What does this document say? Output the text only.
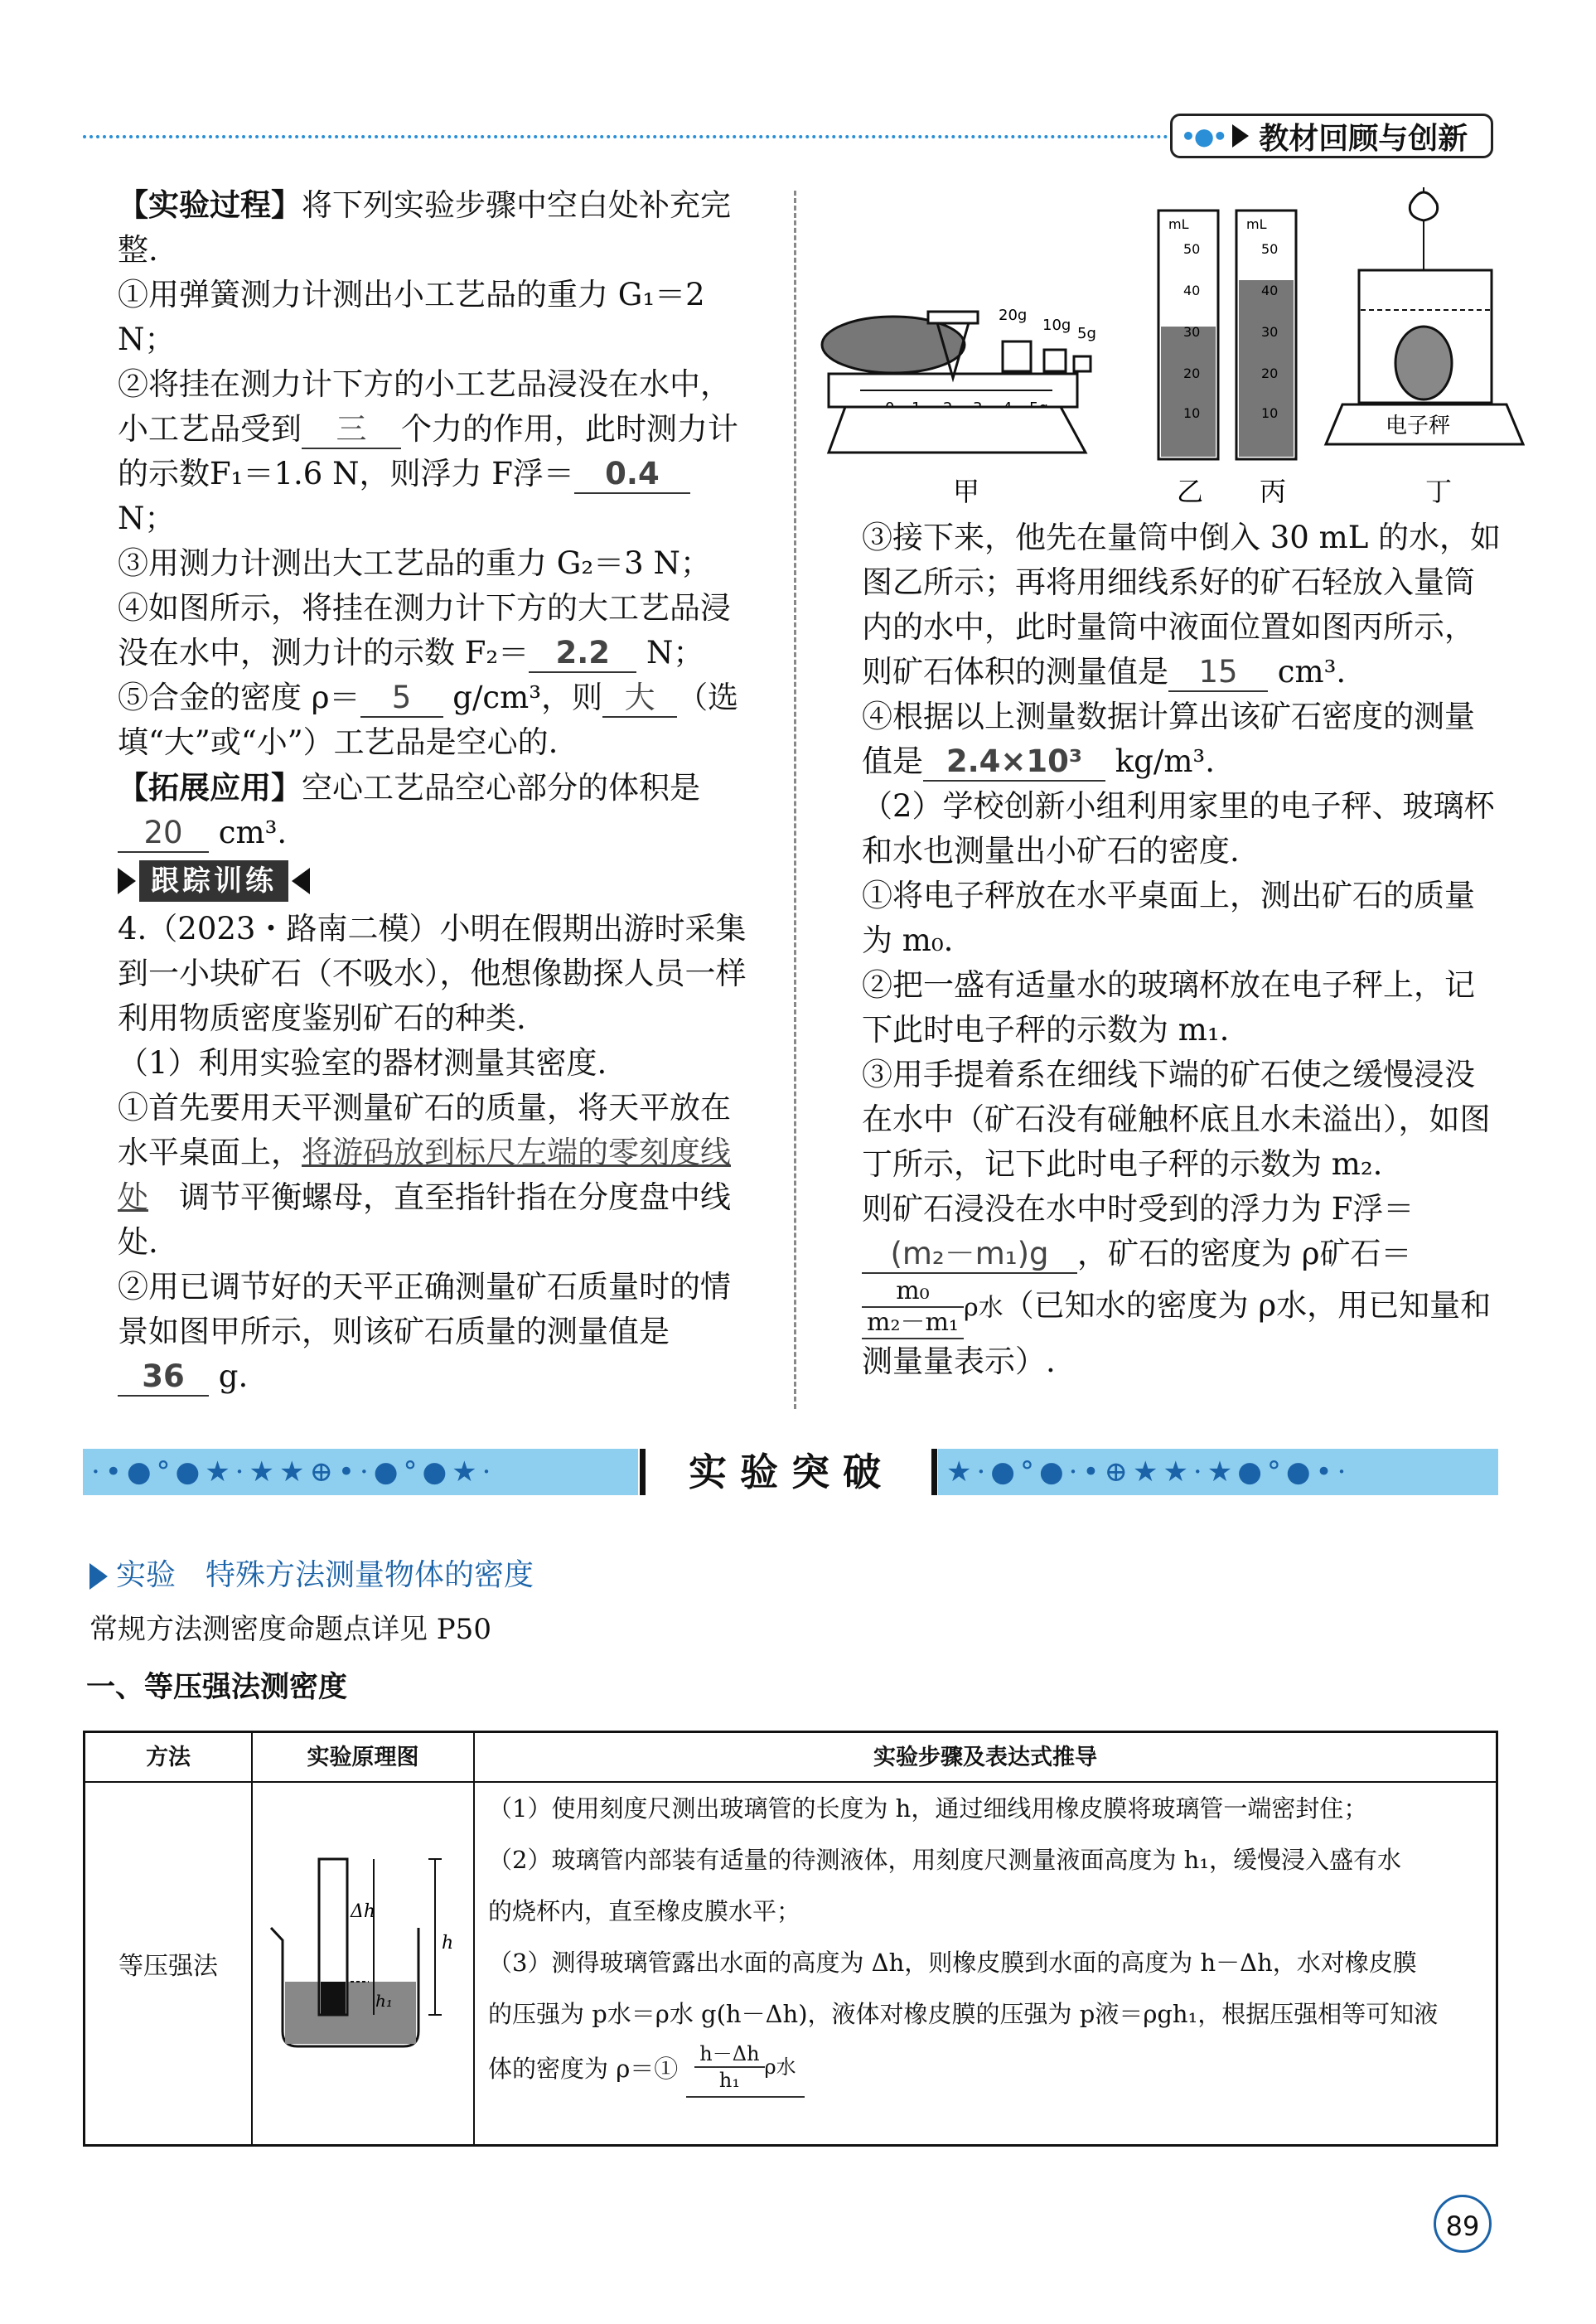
•●• 教材回顾与创新

【实验过程】将下列实验步骤中空白处补充完整.

①用弹簧测力计测出小工艺品的重力 G₁＝2 N；

②将挂在测力计下方的小工艺品浸没在水中，小工艺品受到 三 个力的作用，此时测力计的示数F₁＝1.6 N，则浮力 F浮＝ 0.4 N；

③用测力计测出大工艺品的重力 G₂＝3 N；

④如图所示，将挂在测力计下方的大工艺品浸没在水中，测力计的示数 F₂＝ 2.2 N；

⑤合金的密度 ρ＝ 5 g/cm³，则 大 （选填“大”或“小”）工艺品是空心的.

【拓展应用】空心工艺品空心部分的体积是20 cm³.

跟踪训练

4.（2023・路南二模）小明在假期出游时采集到一小块矿石（不吸水），他想像勘探人员一样利用物质密度鉴别矿石的种类.

（1）利用实验室的器材测量其密度.

①首先要用天平测量矿石的质量，将天平放在水平桌面上，将游码放到标尺左端的零刻度线处　 调节平衡螺母，直至指针指在分度盘中线处.

②用已调节好的天平正确测量矿石质量时的情景如图甲所示，则该矿石质量的测量值是36 g.

20g
10g 5g
mL	mL
50
40
30
20
10
50
40
30
20
10
电子秤
甲	乙 丙	丁

③接下来，他先在量筒中倒入 30 mL 的水，如图乙所示；再将用细线系好的矿石轻放入量筒内的水中，此时量筒中液面位置如图丙所示，则矿石体积的测量值是 15 cm³.

④根据以上测量数据计算出该矿石密度的测量值是 2.4×10³ kg/m³.

（2）学校创新小组利用家里的电子秤、玻璃杯和水也测量出小矿石的密度.

①将电子秤放在水平桌面上，测出矿石的质量为 m₀.

②把一盛有适量水的玻璃杯放在电子秤上，记下此时电子秤的示数为 m₁.

③用手提着系在细线下端的矿石使之缓慢浸没在水中（矿石没有碰触杯底且水未溢出），如图丁所示，记下此时电子秤的示数为 m₂.

则矿石浸没在水中时受到的浮力为 F浮＝(m₂－m₁)g ，矿石的密度为 ρ矿石＝

$\frac{\text{m₀}}{\text{m₂－m₁}}$ ρ水（已知水的密度为 ρ水，用已知量和测量量表示）.

·•●°●★·★★⊕•·●°●★·	实验突破	★·●°●·•⊕★★·★●°●•·
实验　特殊方法测量物体的密度
常规方法测密度命题点详见 P50
一、等压强法测密度
方法	实验原理图	实验步骤及表达式推导
等压强法
Δh
h
h₁
（1）使用刻度尺测出玻璃管的长度为 h，通过细线用橡皮膜将玻璃管一端密封住；
（2）玻璃管内部装有适量的待测液体，用刻度尺测量液面高度为 h₁，缓慢浸入盛有水
的烧杯内，直至橡皮膜水平；
（3）测得玻璃管露出水面的高度为 Δh，则橡皮膜到水面的高度为 h－Δh，水对橡皮膜
的压强为 p水＝ρ水 g(h－Δh)，液体对橡皮膜的压强为 p液＝ρgh₁，根据压强相等可知液
体的密度为 ρ＝① $\frac{h-\Delta h}{\text{h₁}}$ ρ水
89
